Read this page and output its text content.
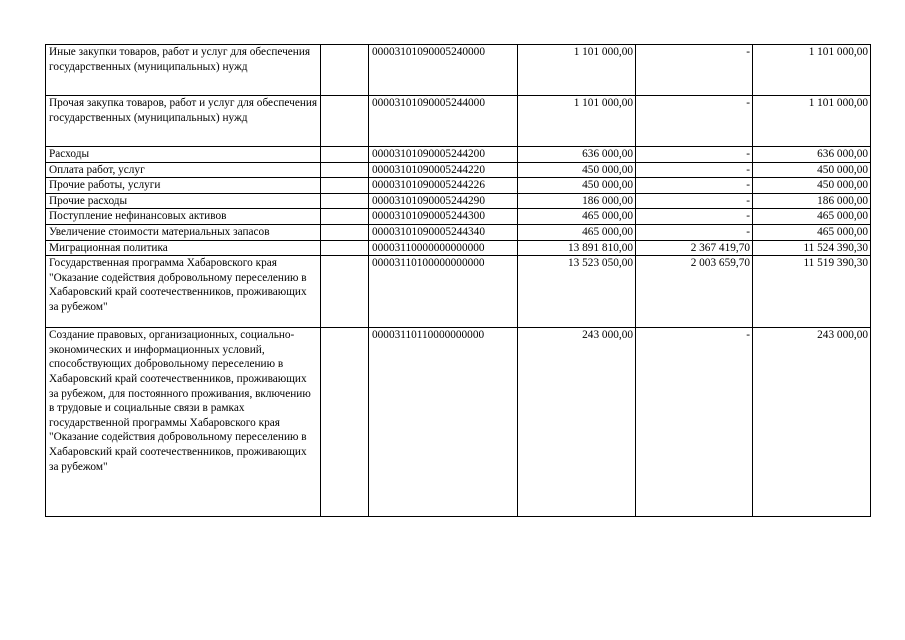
Иные закупки товаров, работ и услуг для обеспечения государственных (муниципальных) нужд		00003101090005240000	1 101 000,00	-	1 101 000,00
Прочая закупка товаров, работ и услуг для обеспечения государственных (муниципальных) нужд		00003101090005244000	1 101 000,00	-	1 101 000,00
Расходы		00003101090005244200	636 000,00	-	636 000,00
Оплата работ, услуг		00003101090005244220	450 000,00	-	450 000,00
Прочие работы, услуги		00003101090005244226	450 000,00	-	450 000,00
Прочие расходы		00003101090005244290	186 000,00	-	186 000,00
Поступление нефинансовых активов		00003101090005244300	465 000,00	-	465 000,00
Увеличение стоимости материальных запасов		00003101090005244340	465 000,00	-	465 000,00
Миграционная политика		00003110000000000000	13 891 810,00	2 367 419,70	11 524 390,30
Государственная программа Хабаровского края "Оказание содействия добровольному переселению в Хабаровский край соотечественников, проживающих за рубежом"		00003110100000000000	13 523 050,00	2 003 659,70	11 519 390,30
Создание правовых, организационных, социально-экономических и информационных условий, способствующих добровольному переселению в Хабаровский край соотечественников, проживающих за рубежом, для постоянного проживания, включению в трудовые и социальные связи в рамках государственной программы Хабаровского края "Оказание содействия добровольному переселению в Хабаровский край соотечественников, проживающих за рубежом"		00003110110000000000	243 000,00	-	243 000,00
